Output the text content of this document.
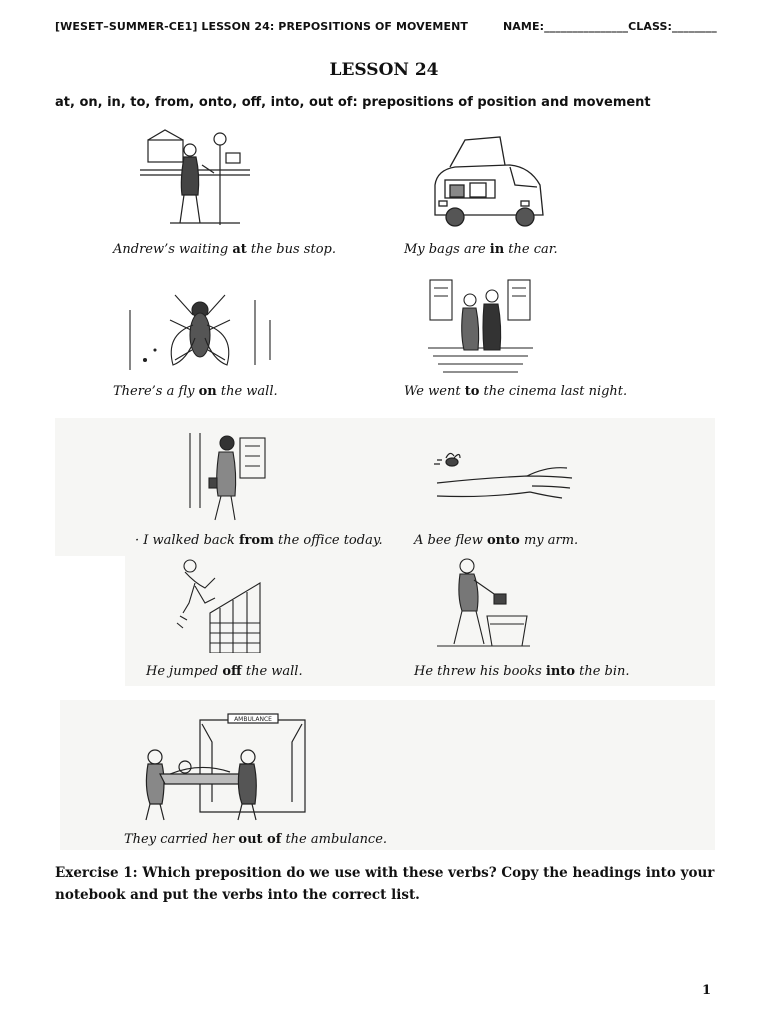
[WESET–SUMMER-CE1] LESSON 24: PREPOSITIONS OF MOVEMENT	NAME:_______________CLASS:________
LESSON 24
at, on, in, to, from, onto, off, into, out of: prepositions of position and movement
Andrew’s waiting at the bus stop.	My bags are in the car.
There’s a fly on the wall.	We went to the cinema last night.
· I walked back from the office today. A bee flew onto my arm.
He jumped off the wall.	He threw his books into the bin.
AMBULANCE
They carried her out of the ambulance.
Exercise 1: Which preposition do we use with these verbs? Copy the headings into your notebook and put the verbs into the correct list.
1
